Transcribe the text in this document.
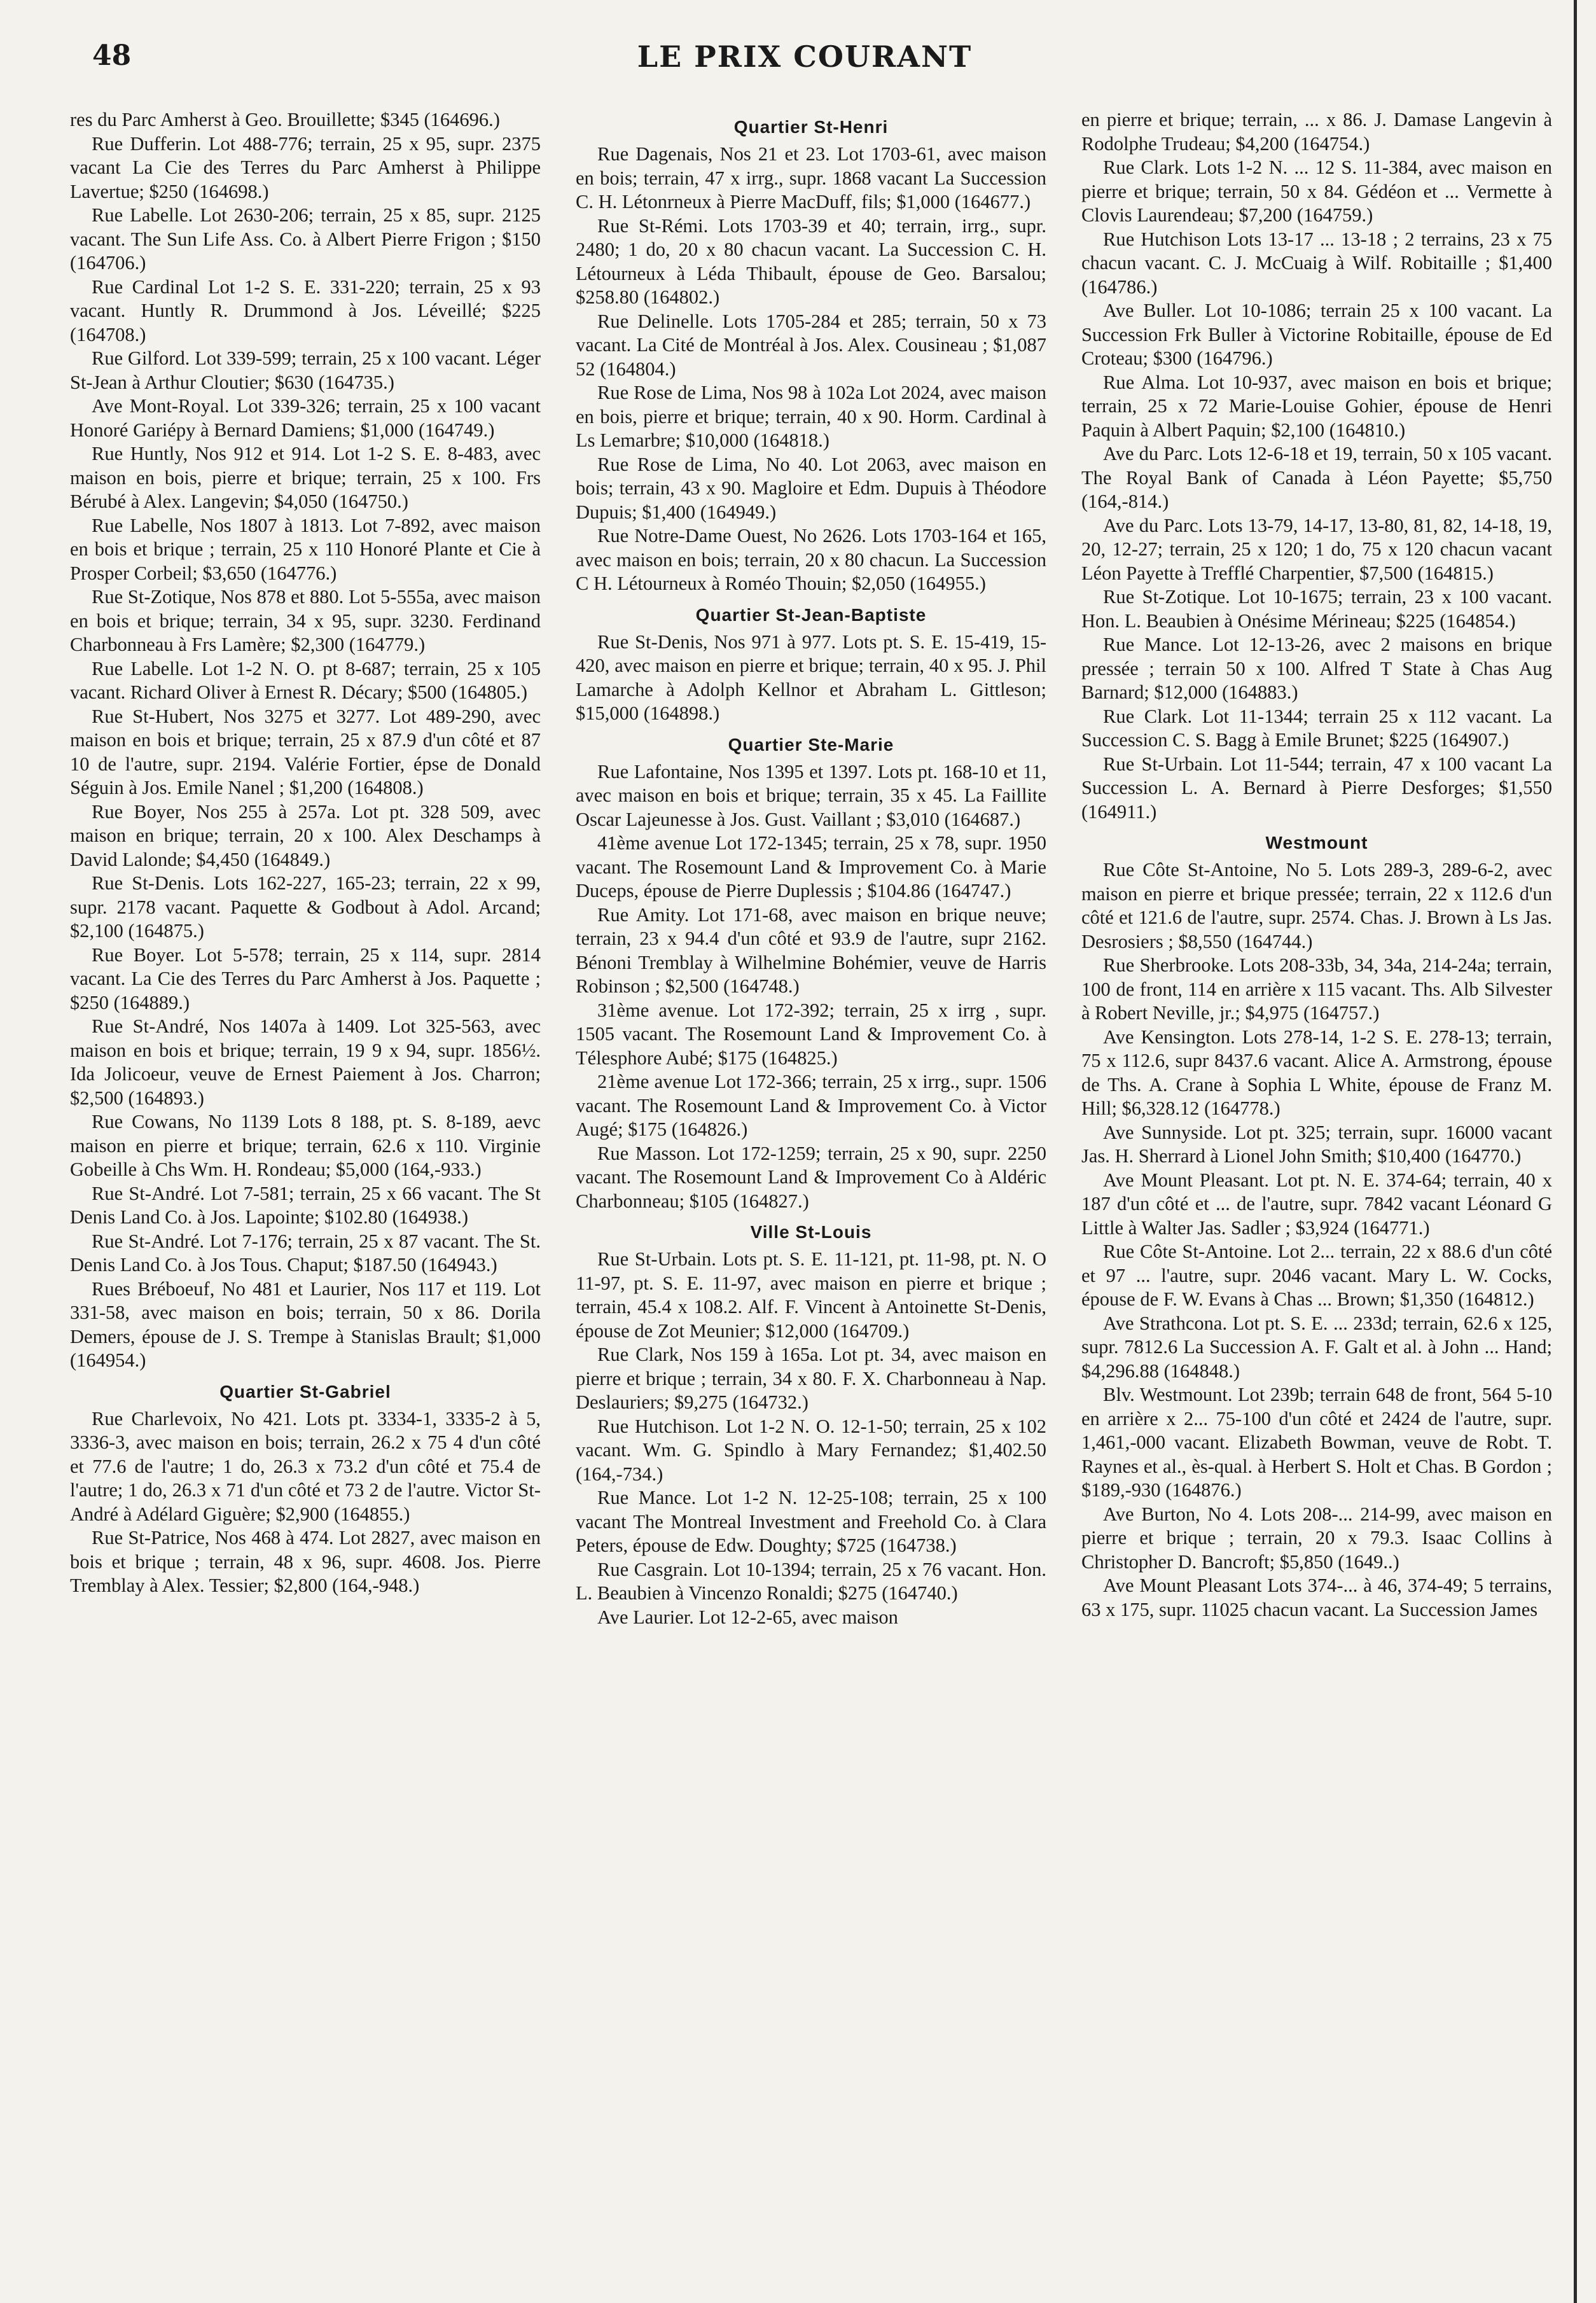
48	LE PRIX COURANT

res du Parc Amherst à Geo. Brouillette; $345 (164696.)

Rue Dufferin. Lot 488-776; terrain, 25 x 95, supr. 2375 vacant La Cie des Terres du Parc Amherst à Philippe Lavertue; $250 (164698.)

Rue Labelle. Lot 2630-206; terrain, 25 x 85, supr. 2125 vacant. The Sun Life Ass. Co. à Albert Pierre Frigon ; $150 (164706.)

Rue Cardinal Lot 1-2 S. E. 331-220; terrain, 25 x 93 vacant. Huntly R. Drummond à Jos. Léveillé; $225 (164708.)

Rue Gilford. Lot 339-599; terrain, 25 x 100 vacant. Léger St-Jean à Arthur Cloutier; $630 (164735.)

Ave Mont-Royal. Lot 339-326; terrain, 25 x 100 vacant Honoré Gariépy à Bernard Damiens; $1,000 (164749.)

Rue Huntly, Nos 912 et 914. Lot 1-2 S. E. 8-483, avec maison en bois, pierre et brique; terrain, 25 x 100. Frs Bérubé à Alex. Langevin; $4,050 (164750.)

Rue Labelle, Nos 1807 à 1813. Lot 7-892, avec maison en bois et brique ; terrain, 25 x 110 Honoré Plante et Cie à Prosper Corbeil; $3,650 (164776.)

Rue St-Zotique, Nos 878 et 880. Lot 5-555a, avec maison en bois et brique; terrain, 34 x 95, supr. 3230. Ferdinand Charbonneau à Frs Lamère; $2,300 (164779.)

Rue Labelle. Lot 1-2 N. O. pt 8-687; terrain, 25 x 105 vacant. Richard Oliver à Ernest R. Décary; $500 (164805.)

Rue St-Hubert, Nos 3275 et 3277. Lot 489-290, avec maison en bois et brique; terrain, 25 x 87.9 d'un côté et 87 10 de l'autre, supr. 2194. Valérie Fortier, épse de Donald Séguin à Jos. Emile Nanel ; $1,200 (164808.)

Rue Boyer, Nos 255 à 257a. Lot pt. 328 509, avec maison en brique; terrain, 20 x 100. Alex Deschamps à David Lalonde; $4,450 (164849.)

Rue St-Denis. Lots 162-227, 165-23; terrain, 22 x 99, supr. 2178 vacant. Paquette & Godbout à Adol. Arcand; $2,100 (164875.)

Rue Boyer. Lot 5-578; terrain, 25 x 114, supr. 2814 vacant. La Cie des Terres du Parc Amherst à Jos. Paquette ; $250 (164889.)

Rue St-André, Nos 1407a à 1409. Lot 325-563, avec maison en bois et brique; terrain, 19 9 x 94, supr. 1856½. Ida Jolicoeur, veuve de Ernest Paiement à Jos. Charron; $2,500 (164893.)

Rue Cowans, No 1139 Lots 8 188, pt. S. 8-189, aevc maison en pierre et brique; terrain, 62.6 x 110. Virginie Gobeille à Chs Wm. H. Rondeau; $5,000 (164,-933.)

Rue St-André. Lot 7-581; terrain, 25 x 66 vacant. The St Denis Land Co. à Jos. Lapointe; $102.80 (164938.)

Rue St-André. Lot 7-176; terrain, 25 x 87 vacant. The St. Denis Land Co. à Jos Tous. Chaput; $187.50 (164943.)

Rues Bréboeuf, No 481 et Laurier, Nos 117 et 119. Lot 331-58, avec maison en bois; terrain, 50 x 86. Dorila Demers, épouse de J. S. Trempe à Stanislas Brault; $1,000 (164954.)

Quartier St-Gabriel

Rue Charlevoix, No 421. Lots pt. 3334-1, 3335-2 à 5, 3336-3, avec maison en bois; terrain, 26.2 x 75 4 d'un côté et 77.6 de l'autre; 1 do, 26.3 x 73.2 d'un côté et 75.4 de l'autre; 1 do, 26.3 x 71 d'un côté et 73 2 de l'autre. Victor St-André à Adélard Giguère; $2,900 (164855.)

Rue St-Patrice, Nos 468 à 474. Lot 2827, avec maison en bois et brique ; terrain, 48 x 96, supr. 4608. Jos. Pierre Tremblay à Alex. Tessier; $2,800 (164,-948.)

Quartier St-Henri

Rue Dagenais, Nos 21 et 23. Lot 1703-61, avec maison en bois; terrain, 47 x irrg., supr. 1868 vacant La Succession C. H. Létonrneux à Pierre MacDuff, fils; $1,000 (164677.)

Rue St-Rémi. Lots 1703-39 et 40; terrain, irrg., supr. 2480; 1 do, 20 x 80 chacun vacant. La Succession C. H. Létourneux à Léda Thibault, épouse de Geo. Barsalou; $258.80 (164802.)

Rue Delinelle. Lots 1705-284 et 285; terrain, 50 x 73 vacant. La Cité de Montréal à Jos. Alex. Cousineau ; $1,087 52 (164804.)

Rue Rose de Lima, Nos 98 à 102a Lot 2024, avec maison en bois, pierre et brique; terrain, 40 x 90. Horm. Cardinal à Ls Lemarbre; $10,000 (164818.)

Rue Rose de Lima, No 40. Lot 2063, avec maison en bois; terrain, 43 x 90. Magloire et Edm. Dupuis à Théodore Dupuis; $1,400 (164949.)

Rue Notre-Dame Ouest, No 2626. Lots 1703-164 et 165, avec maison en bois; terrain, 20 x 80 chacun. La Succession C H. Létourneux à Roméo Thouin; $2,050 (164955.)

Quartier St-Jean-Baptiste

Rue St-Denis, Nos 971 à 977. Lots pt. S. E. 15-419, 15-420, avec maison en pierre et brique; terrain, 40 x 95. J. Phil Lamarche à Adolph Kellnor et Abraham L. Gittleson; $15,000 (164898.)

Quartier Ste-Marie

Rue Lafontaine, Nos 1395 et 1397. Lots pt. 168-10 et 11, avec maison en bois et brique; terrain, 35 x 45. La Faillite Oscar Lajeunesse à Jos. Gust. Vaillant ; $3,010 (164687.)

41ème avenue Lot 172-1345; terrain, 25 x 78, supr. 1950 vacant. The Rosemount Land & Improvement Co. à Marie Duceps, épouse de Pierre Duplessis ; $104.86 (164747.)

Rue Amity. Lot 171-68, avec maison en brique neuve; terrain, 23 x 94.4 d'un côté et 93.9 de l'autre, supr 2162. Bénoni Tremblay à Wilhelmine Bohémier, veuve de Harris Robinson ; $2,500 (164748.)

31ème avenue. Lot 172-392; terrain, 25 x irrg , supr. 1505 vacant. The Rosemount Land & Improvement Co. à Télesphore Aubé; $175 (164825.)

21ème avenue Lot 172-366; terrain, 25 x irrg., supr. 1506 vacant. The Rosemount Land & Improvement Co. à Victor Augé; $175 (164826.)

Rue Masson. Lot 172-1259; terrain, 25 x 90, supr. 2250 vacant. The Rosemount Land & Improvement Co à Aldéric Charbonneau; $105 (164827.)

Ville St-Louis

Rue St-Urbain. Lots pt. S. E. 11-121, pt. 11-98, pt. N. O 11-97, pt. S. E. 11-97, avec maison en pierre et brique ; terrain, 45.4 x 108.2. Alf. F. Vincent à Antoinette St-Denis, épouse de Zot Meunier; $12,000 (164709.)

Rue Clark, Nos 159 à 165a. Lot pt. 34, avec maison en pierre et brique ; terrain, 34 x 80. F. X. Charbonneau à Nap. Deslauriers; $9,275 (164732.)

Rue Hutchison. Lot 1-2 N. O. 12-1-50; terrain, 25 x 102 vacant. Wm. G. Spindlo à Mary Fernandez; $1,402.50 (164,-734.)

Rue Mance. Lot 1-2 N. 12-25-108; terrain, 25 x 100 vacant The Montreal Investment and Freehold Co. à Clara Peters, épouse de Edw. Doughty; $725 (164738.)

Rue Casgrain. Lot 10-1394; terrain, 25 x 76 vacant. Hon. L. Beaubien à Vincenzo Ronaldi; $275 (164740.)

Ave Laurier. Lot 12-2-65, avec maison

en pierre et brique; terrain, ... x 86. J. Damase Langevin à Rodolphe Trudeau; $4,200 (164754.)

Rue Clark. Lots 1-2 N. ... 12 S. 11-384, avec maison en pierre et brique; terrain, 50 x 84. Gédéon et ... Vermette à Clovis Laurendeau; $7,200 (164759.)

Rue Hutchison Lots 13-17 ... 13-18 ; 2 terrains, 23 x 75 chacun vacant. C. J. McCuaig à Wilf. Robitaille ; $1,400 (164786.)

Ave Buller. Lot 10-1086; terrain 25 x 100 vacant. La Succession Frk Buller à Victorine Robitaille, épouse de Ed Croteau; $300 (164796.)

Rue Alma. Lot 10-937, avec maison en bois et brique; terrain, 25 x 72 Marie-Louise Gohier, épouse de Henri Paquin à Albert Paquin; $2,100 (164810.)

Ave du Parc. Lots 12-6-18 et 19, terrain, 50 x 105 vacant. The Royal Bank of Canada à Léon Payette; $5,750 (164,-814.)

Ave du Parc. Lots 13-79, 14-17, 13-80, 81, 82, 14-18, 19, 20, 12-27; terrain, 25 x 120; 1 do, 75 x 120 chacun vacant Léon Payette à Trefflé Charpentier, $7,500 (164815.)

Rue St-Zotique. Lot 10-1675; terrain, 23 x 100 vacant. Hon. L. Beaubien à Onésime Mérineau; $225 (164854.)

Rue Mance. Lot 12-13-26, avec 2 maisons en brique pressée ; terrain 50 x 100. Alfred T State à Chas Aug Barnard; $12,000 (164883.)

Rue Clark. Lot 11-1344; terrain 25 x 112 vacant. La Succession C. S. Bagg à Emile Brunet; $225 (164907.)

Rue St-Urbain. Lot 11-544; terrain, 47 x 100 vacant La Succession L. A. Bernard à Pierre Desforges; $1,550 (164911.)

Westmount

Rue Côte St-Antoine, No 5. Lots 289-3, 289-6-2, avec maison en pierre et brique pressée; terrain, 22 x 112.6 d'un côté et 121.6 de l'autre, supr. 2574. Chas. J. Brown à Ls Jas. Desrosiers ; $8,550 (164744.)

Rue Sherbrooke. Lots 208-33b, 34, 34a, 214-24a; terrain, 100 de front, 114 en arrière x 115 vacant. Ths. Alb Silvester à Robert Neville, jr.; $4,975 (164757.)

Ave Kensington. Lots 278-14, 1-2 S. E. 278-13; terrain, 75 x 112.6, supr 8437.6 vacant. Alice A. Armstrong, épouse de Ths. A. Crane à Sophia L White, épouse de Franz M. Hill; $6,328.12 (164778.)

Ave Sunnyside. Lot pt. 325; terrain, supr. 16000 vacant Jas. H. Sherrard à Lionel John Smith; $10,400 (164770.)

Ave Mount Pleasant. Lot pt. N. E. 374-64; terrain, 40 x 187 d'un côté et ... de l'autre, supr. 7842 vacant Léonard G Little à Walter Jas. Sadler ; $3,924 (164771.)

Rue Côte St-Antoine. Lot 2... terrain, 22 x 88.6 d'un côté et 97 ... l'autre, supr. 2046 vacant. Mary L. W. Cocks, épouse de F. W. Evans à Chas ... Brown; $1,350 (164812.)

Ave Strathcona. Lot pt. S. E. ... 233d; terrain, 62.6 x 125, supr. 7812.6 La Succession A. F. Galt et al. à John ... Hand; $4,296.88 (164848.)

Blv. Westmount. Lot 239b; terrain 648 de front, 564 5-10 en arrière x 2... 75-100 d'un côté et 2424 de l'autre, supr. 1,461,-000 vacant. Elizabeth Bowman, veuve de Robt. T. Raynes et al., ès-qual. à Herbert S. Holt et Chas. B Gordon ; $189,-930 (164876.)

Ave Burton, No 4. Lots 208-... 214-99, avec maison en pierre et brique ; terrain, 20 x 79.3. Isaac Collins à Christopher D. Bancroft; $5,850 (1649..)

Ave Mount Pleasant Lots 374-... à 46, 374-49; 5 terrains, 63 x 175, supr. 11025 chacun vacant. La Succession James
